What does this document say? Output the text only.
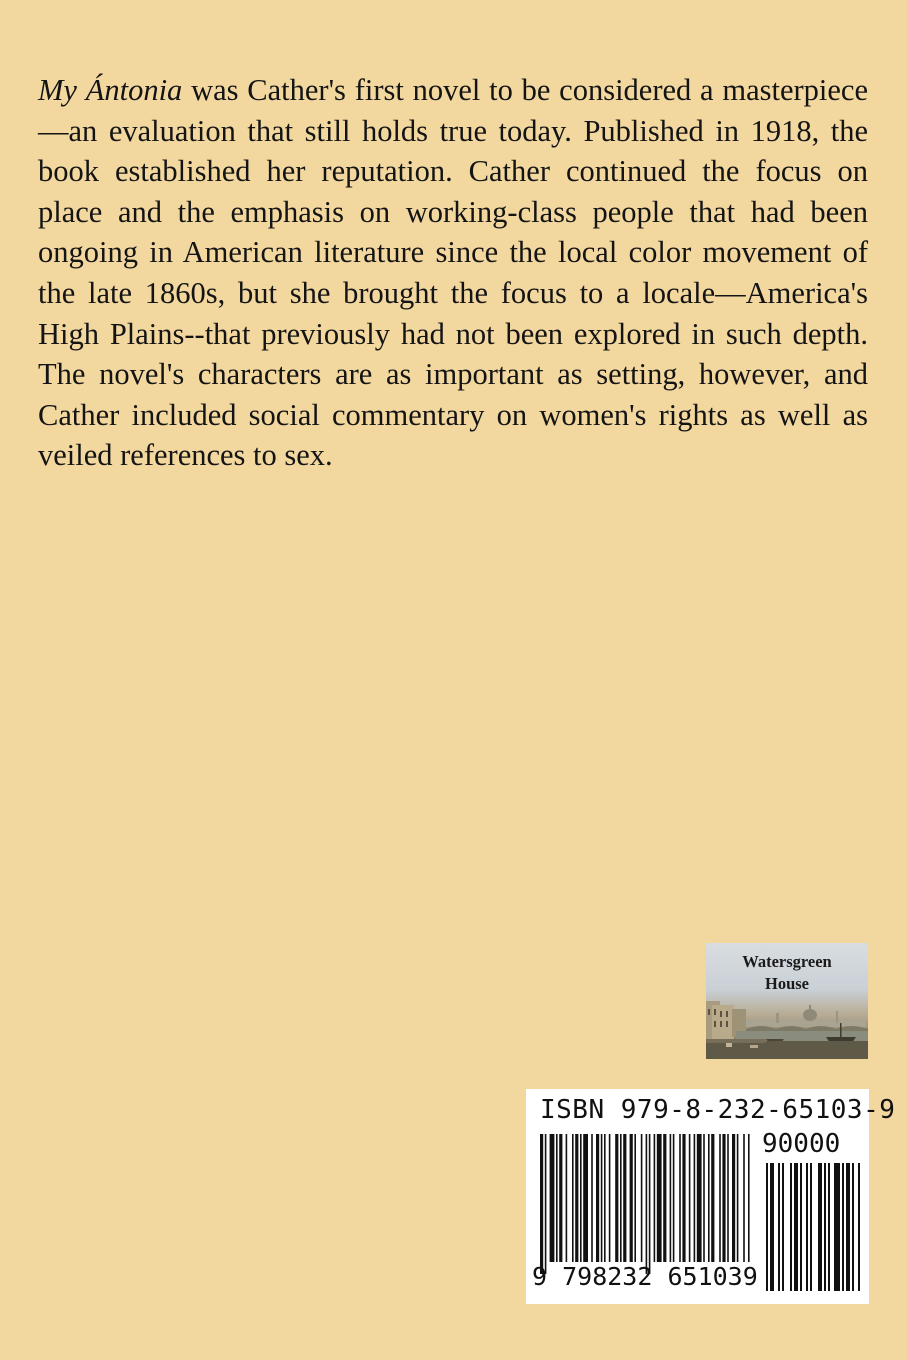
My Ántonia was Cather's first novel to be considered a masterpiece—an evaluation that still holds true today. Published in 1918, the book established her reputation. Cather continued the focus on place and the emphasis on working-class people that had been ongoing in American literature since the local color movement of the late 1860s, but she brought the focus to a locale—America's High Plains--that previously had not been explored in such depth. The novel's characters are as important as setting, however, and Cather included social commentary on women's rights as well as veiled references to sex.

Watersgreen
House

ISBN 979-8-232-65103-9
90000
9 798232 651039
